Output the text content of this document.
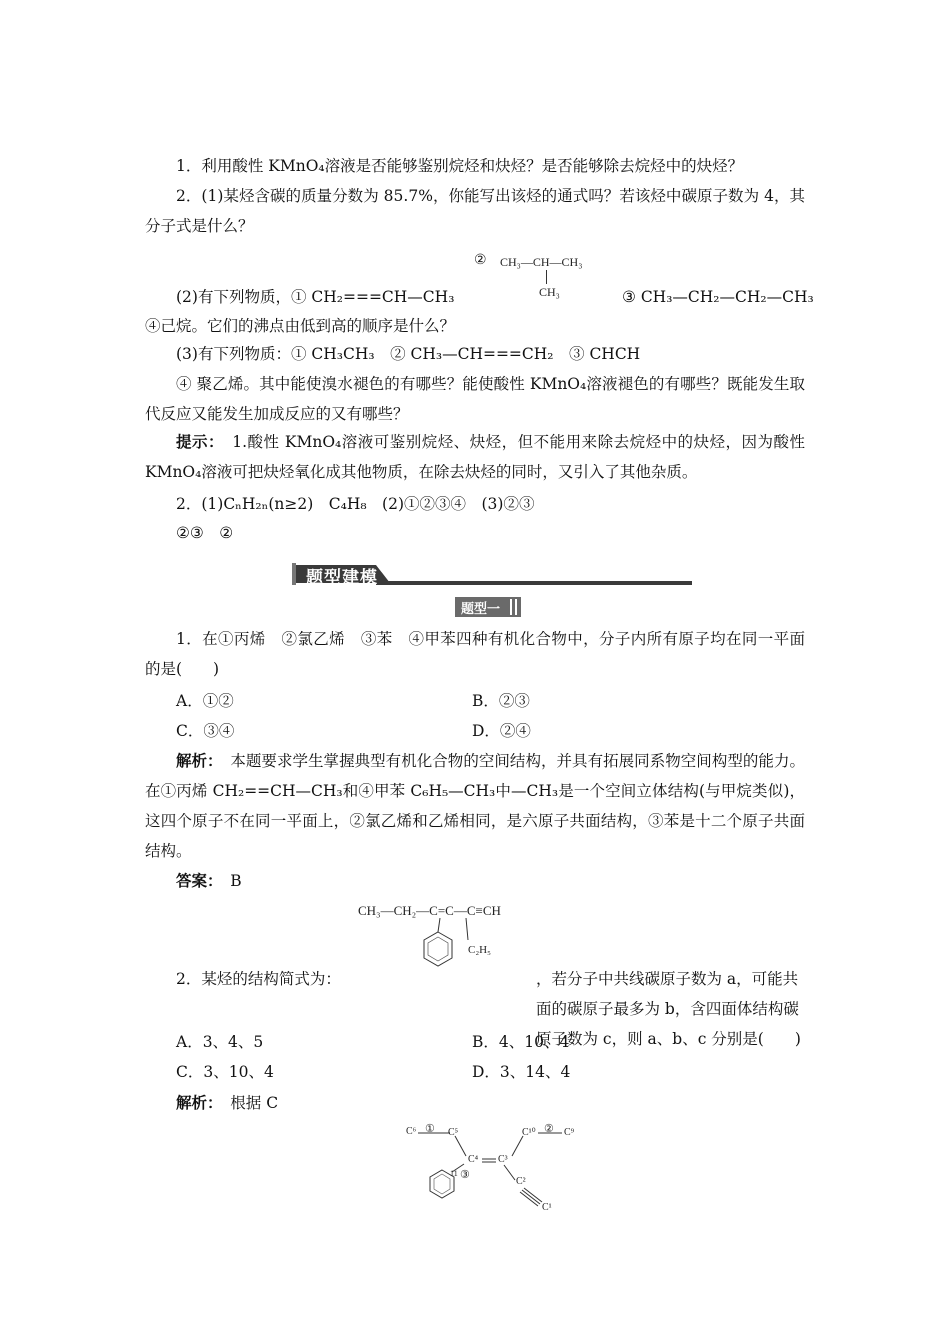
1．利用酸性 KMnO₄溶液是否能够鉴别烷烃和炔烃？是否能够除去烷烃中的炔烃？

2．(1)某烃含碳的质量分数为 85.7%，你能写出该烃的通式吗？若该烃中碳原子数为 4，其分子式是什么？

(2)有下列物质，① CH₂===CH—CH₃

② CH₃—CH—CH₃
CH₃	③ CH₃—CH₂—CH₂—CH₃

④己烷。它们的沸点由低到高的顺序是什么？

(3)有下列物质：① CH₃CH₃　② CH₃—CH===CH₂　③ CHCH

④ 聚乙烯。其中能使溴水褪色的有哪些？能使酸性 KMnO₄溶液褪色的有哪些？既能发生取代反应又能发生加成反应的又有哪些？

提示：　1.酸性 KMnO₄溶液可鉴别烷烃、炔烃，但不能用来除去烷烃中的炔烃，因为酸性 KMnO₄溶液可把炔烃氧化成其他物质，在除去炔烃的同时，又引入了其他杂质。

2．(1)CₙH₂ₙ(n≥2)　C₄H₈　(2)①②③④　(3)②③

②③　②

题型建模
题型一

1．在①丙烯　②氯乙烯　③苯　④甲苯四种有机化合物中，分子内所有原子均在同一平面的是(　　)

A．①②	B．②③
C．③④	D．②④

解析：　本题要求学生掌握典型有机化合物的空间结构，并具有拓展同系物空间构型的能力。在①丙烯 CH₂==CH—CH₃和④甲苯 C₆H₅—CH₃中—CH₃是一个空间立体结构(与甲烷类似)，这四个原子不在同一平面上，②氯乙烯和乙烯相同，是六原子共面结构，③苯是十二个原子共面结构。

答案：　B

CH₃—CH₂—C=C—C≡CH
C₂H₅

2．某烃的结构简式为：	，若分子中共线碳原子数为 a，可能共面的碳原子最多为 b，含四面体结构碳原子数为 c，则 a、b、c 分别是(　　)

A．3、4、5	B．4、10、4
C．3、10、4	D．3、14、4

解析：　根据 C

C⁶ ① C⁵
C⁴ C³
C¹⁰ ② C⁹
C²
C¹
11 ③
